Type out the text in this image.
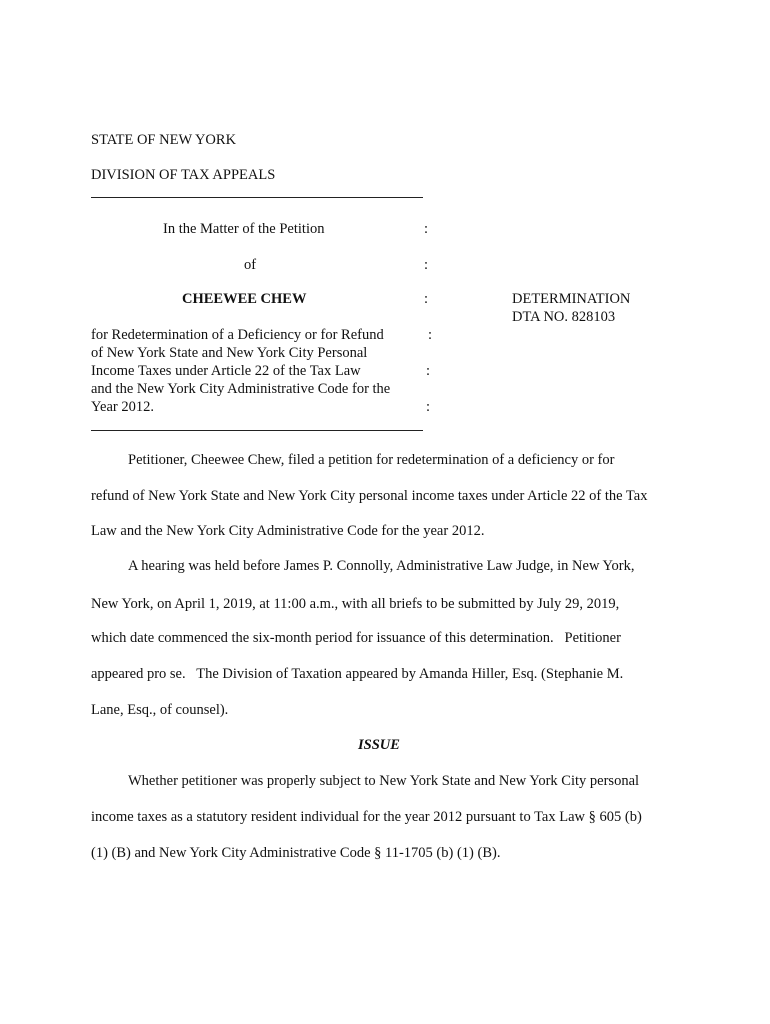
STATE OF NEW YORK
DIVISION OF TAX APPEALS
In the Matter of the Petition	:
of	:
CHEEWEE CHEW	:	DETERMINATION
DTA NO. 828103
for Redetermination of a Deficiency or for Refund	:
of New York State and New York City Personal
Income Taxes under Article 22 of the Tax Law	:
and the New York City Administrative Code for the
Year 2012.	:
Petitioner, Cheewee Chew, filed a petition for redetermination of a deficiency or for
refund of New York State and New York City personal income taxes under Article 22 of the Tax
Law and the New York City Administrative Code for the year 2012.
A hearing was held before James P. Connolly, Administrative Law Judge, in New York,
New York, on April 1, 2019, at 11:00 a.m., with all briefs to be submitted by July 29, 2019,
which date commenced the six-month period for issuance of this determination.   Petitioner
appeared pro se.   The Division of Taxation appeared by Amanda Hiller, Esq. (Stephanie M.
Lane, Esq., of counsel).
ISSUE
Whether petitioner was properly subject to New York State and New York City personal
income taxes as a statutory resident individual for the year 2012 pursuant to Tax Law § 605 (b)
(1) (B) and New York City Administrative Code § 11-1705 (b) (1) (B).
